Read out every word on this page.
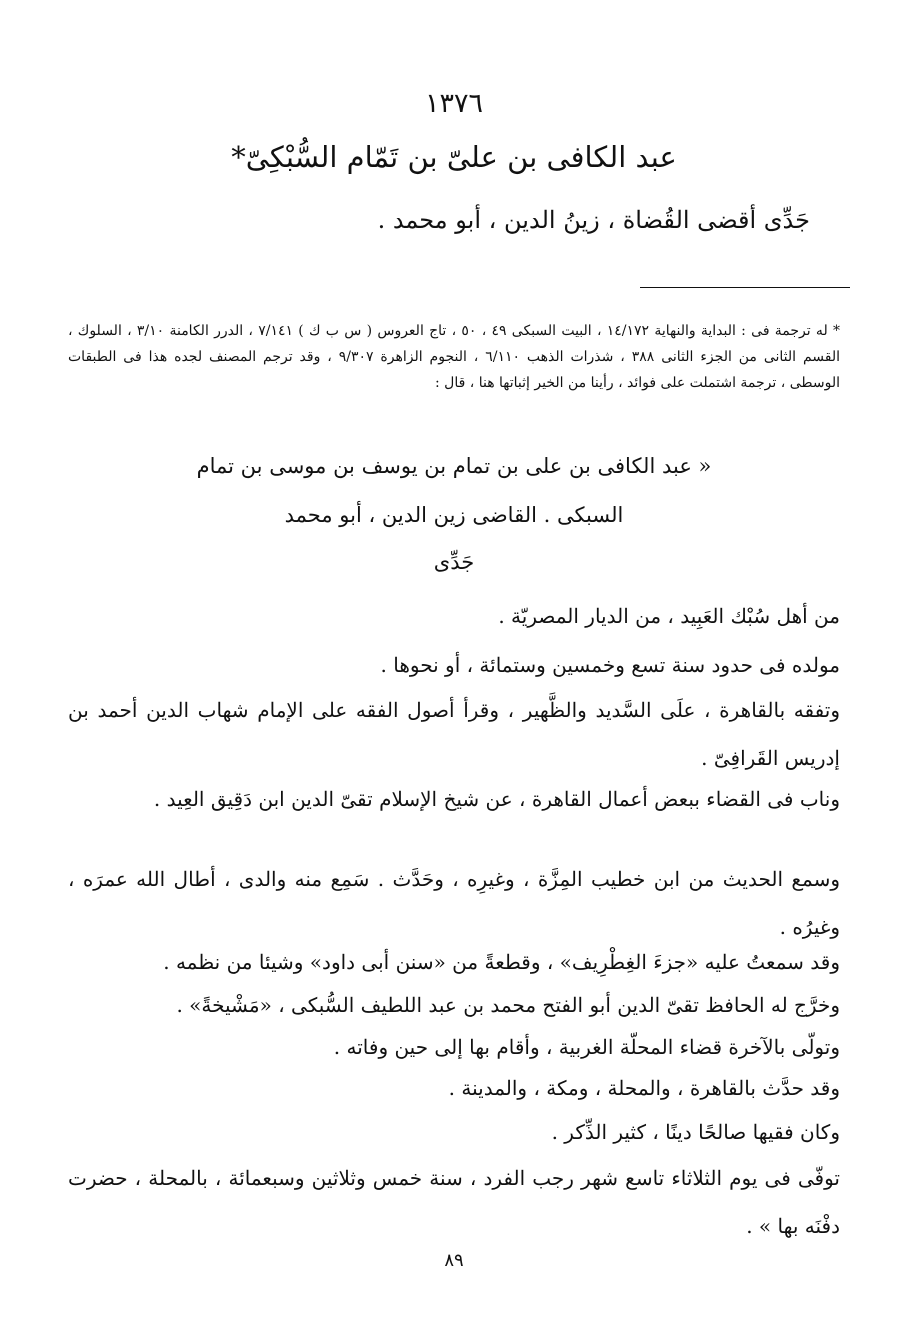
١٣٧٦
عبد الكافى بن علىّ بن تَمّام السُّبْكِىّ*
جَدِّى أقضى القُضاة ، زينُ الدين ، أبو محمد .
* له ترجمة فى : البداية والنهاية ١٤/١٧٢ ، البيت السبكى ٤٩ ، ٥٠ ، تاج العروس ( س ب ك ) ٧/١٤١ ، الدرر الكامنة ٣/١٠ ، السلوك ، القسم الثانى من الجزء الثانى ٣٨٨ ، شذرات الذهب ٦/١١٠ ، النجوم الزاهرة ٩/٣٠٧ ، وقد ترجم المصنف لجده هذا فى الطبقات الوسطى ، ترجمة اشتملت على فوائد ، رأينا من الخير إثباتها هنا ، قال :
« عبد الكافى بن على بن تمام بن يوسف بن موسى بن تمام
السبكى . القاضى زين الدين ، أبو محمد
جَدِّى
من أهل سُبْك العَبِيد ، من الديار المصريّة .
مولده فى حدود سنة تسع وخمسين وستمائة ، أو نحوها .
وتفقه بالقاهرة ، علَى السَّديد والظَّهير ، وقرأ أصول الفقه على الإمام شهاب الدين أحمد بن إدريس القَرافِىّ .
وناب فى القضاء ببعض أعمال القاهرة ، عن شيخ الإسلام تقىّ الدين ابن دَقِيق العِيد .
وسمع الحديث من ابن خطيب المِزَّة ، وغيرِه ، وحَدَّث . سَمِع منه والدى ، أطال الله عمرَه ، وغيرُه .
وقد سمعتُ عليه «جزءَ الغِطْرِيف» ، وقطعةً من «سنن أبى داود» وشيئا من نظمه .
وخرَّج له الحافظ تقىّ الدين أبو الفتح محمد بن عبد اللطيف السُّبكى ، «مَشْيخةً» .
وتولّى بالآخرة قضاء المحلّة الغربية ، وأقام بها إلى حين وفاته .
وقد حدَّث بالقاهرة ، والمحلة ، ومكة ، والمدينة .
وكان فقيها صالحًا دينًا ، كثير الذِّكر .
توفّى فى يوم الثلاثاء تاسع شهر رجب الفرد ، سنة خمس وثلاثين وسبعمائة ، بالمحلة ، حضرت دفْنَه بها » .
٨٩
